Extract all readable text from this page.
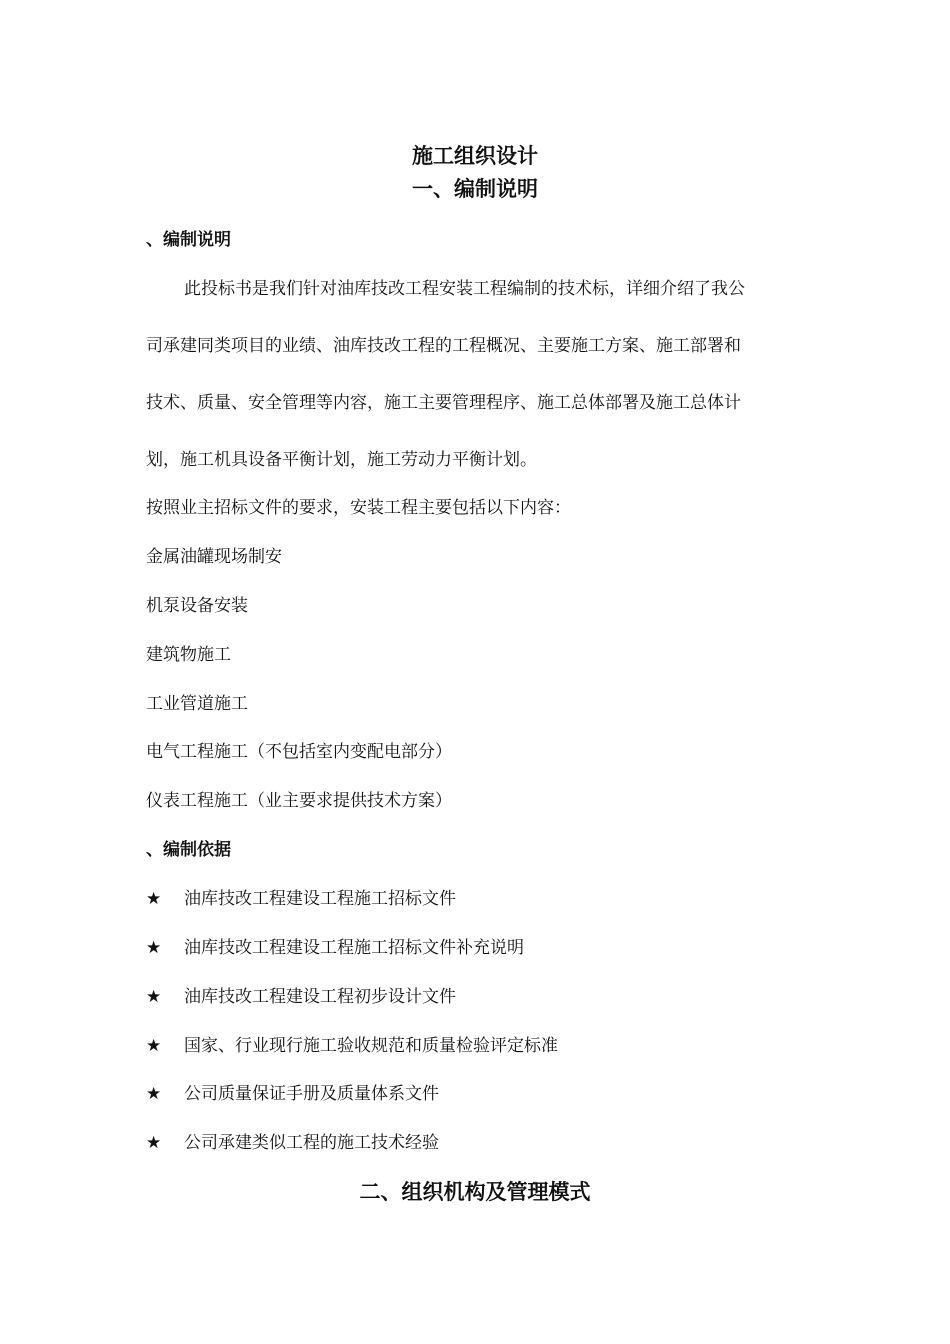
施工组织设计
一、编制说明
、编制说明
此投标书是我们针对油库技改工程安装工程编制的技术标，详细介绍了我公
司承建同类项目的业绩、油库技改工程的工程概况、主要施工方案、施工部署和
技术、质量、安全管理等内容，施工主要管理程序、施工总体部署及施工总体计
划，施工机具设备平衡计划，施工劳动力平衡计划。
按照业主招标文件的要求，安装工程主要包括以下内容：
金属油罐现场制安
机泵设备安装
建筑物施工
工业管道施工
电气工程施工（不包括室内变配电部分）
仪表工程施工（业主要求提供技术方案）
、编制依据
★ 油库技改工程建设工程施工招标文件
★ 油库技改工程建设工程施工招标文件补充说明
★ 油库技改工程建设工程初步设计文件
★ 国家、行业现行施工验收规范和质量检验评定标准
★ 公司质量保证手册及质量体系文件
★ 公司承建类似工程的施工技术经验
二、组织机构及管理模式
